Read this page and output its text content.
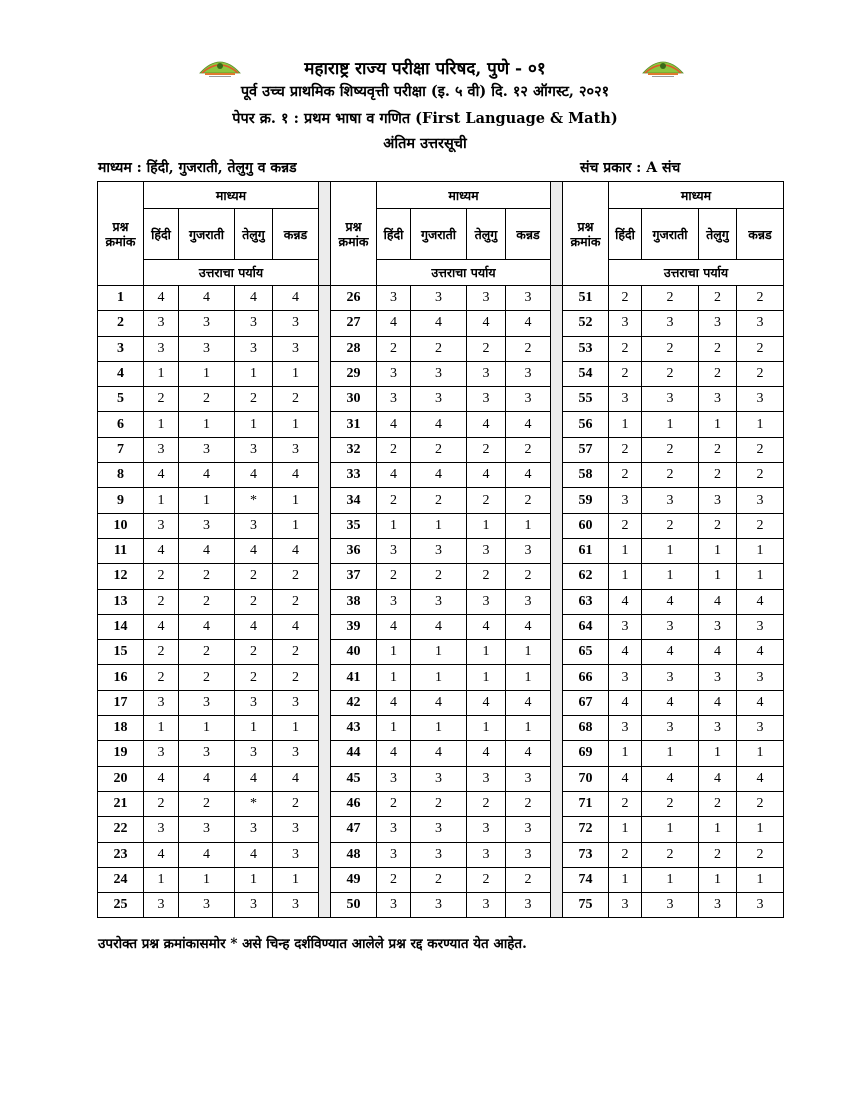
महाराष्ट्र राज्य परीक्षा परिषद, पुणे - ०१
पूर्व उच्च प्राथमिक शिष्यवृत्ती परीक्षा (इ. ५ वी) दि. १२ ऑगस्ट, २०२१
पेपर क्र. १ : प्रथम भाषा व गणित (First Language & Math)
अंतिम उत्तरसूची
माध्यम : हिंदी, गुजराती, तेलुगु व कन्नड	संच प्रकार : A संच
प्रश्न क्रमांक	माध्यम					प्रश्न क्रमांक	माध्यम					प्रश्न क्रमांक	माध्यम			
	हिंदी	गुजराती	तेलुगु	कन्नड			हिंदी	गुजराती	तेलुगु	कन्नड			हिंदी	गुजराती	तेलुगु	कन्नड
	उत्तराचा पर्याय						उत्तराचा पर्याय						उत्तराचा पर्याय			
1	4	4	4	4		26	3	3	3	3		51	2	2	2	2
2	3	3	3	3		27	4	4	4	4		52	3	3	3	3
3	3	3	3	3		28	2	2	2	2		53	2	2	2	2
4	1	1	1	1		29	3	3	3	3		54	2	2	2	2
5	2	2	2	2		30	3	3	3	3		55	3	3	3	3
6	1	1	1	1		31	4	4	4	4		56	1	1	1	1
7	3	3	3	3		32	2	2	2	2		57	2	2	2	2
8	4	4	4	4		33	4	4	4	4		58	2	2	2	2
9	1	1	*	1		34	2	2	2	2		59	3	3	3	3
10	3	3	3	1		35	1	1	1	1		60	2	2	2	2
11	4	4	4	4		36	3	3	3	3		61	1	1	1	1
12	2	2	2	2		37	2	2	2	2		62	1	1	1	1
13	2	2	2	2		38	3	3	3	3		63	4	4	4	4
14	4	4	4	4		39	4	4	4	4		64	3	3	3	3
15	2	2	2	2		40	1	1	1	1		65	4	4	4	4
16	2	2	2	2		41	1	1	1	1		66	3	3	3	3
17	3	3	3	3		42	4	4	4	4		67	4	4	4	4
18	1	1	1	1		43	1	1	1	1		68	3	3	3	3
19	3	3	3	3		44	4	4	4	4		69	1	1	1	1
20	4	4	4	4		45	3	3	3	3		70	4	4	4	4
21	2	2	*	2		46	2	2	2	2		71	2	2	2	2
22	3	3	3	3		47	3	3	3	3		72	1	1	1	1
23	4	4	4	3		48	3	3	3	3		73	2	2	2	2
24	1	1	1	1		49	2	2	2	2		74	1	1	1	1
25	3	3	3	3		50	3	3	3	3		75	3	3	3	3
उपरोक्त प्रश्न क्रमांकासमोर * असे चिन्ह दर्शविण्यात आलेले प्रश्न रद्द करण्यात येत आहेत.
